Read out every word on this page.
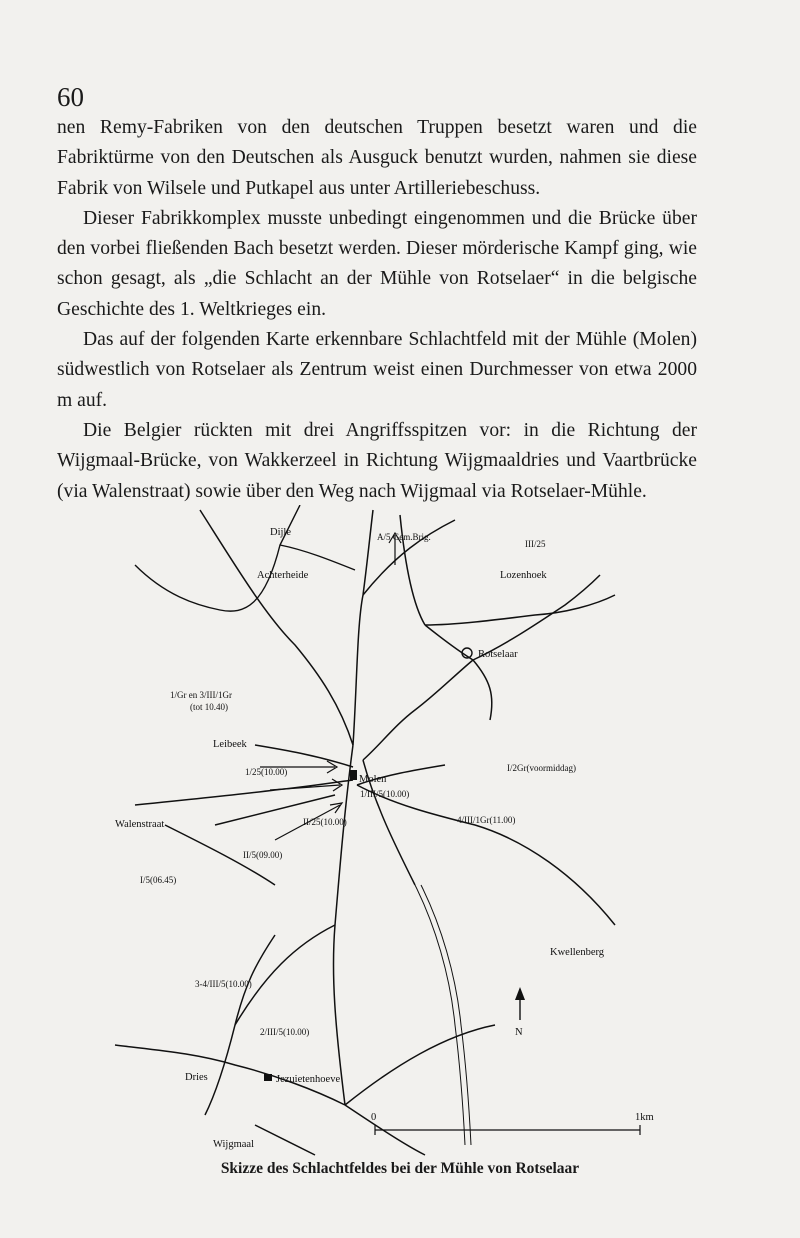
60

nen Remy-Fabriken von den deutschen Truppen besetzt waren und die Fabriktürme von den Deutschen als Ausguck benutzt wurden, nahmen sie diese Fabrik von Wilsele und Putkapel aus unter Artilleriebeschuss.

Dieser Fabrikkomplex musste unbedingt eingenommen und die Brücke über den vorbei fließenden Bach besetzt werden. Dieser mörderische Kampf ging, wie schon gesagt, als „die Schlacht an der Mühle von Rotselaer“ in die belgische Geschichte des 1. Weltkrieges ein.

Das auf der folgenden Karte erkennbare Schlachtfeld mit der Mühle (Molen) südwestlich von Rotselaer als Zentrum weist einen Durchmesser von etwa 2000 m auf.

Die Belgier rückten mit drei Angriffsspitzen vor: in die Richtung der Wijgmaal-Brücke, von Wakkerzeel in Richtung Wijgmaaldries und Vaartbrücke (via Walenstraat) sowie über den Weg nach Wijgmaal via Rotselaer-Mühle.

Dijle
Achterheide	Lozenhoek
Rotselaar
Leibeek
Molen
Walenstraat
Kwellenberg
Dries	Jezuietenhoeve
Wijgmaal
A/5 Gem.Brig.
III/25
1/Gr en 3/III/1Gr
(tot 10.40)
1/25(10.00)	I/2Gr(voormiddag)
1/III/5(10.00)
4/III/1Gr(11.00)
II/25(10.00)
II/5(09.00)
I/5(06.45)
3-4/III/5(10.00)
2/III/5(10.00)	N
0	1km
Skizze des Schlachtfeldes bei der Mühle von Rotselaar
